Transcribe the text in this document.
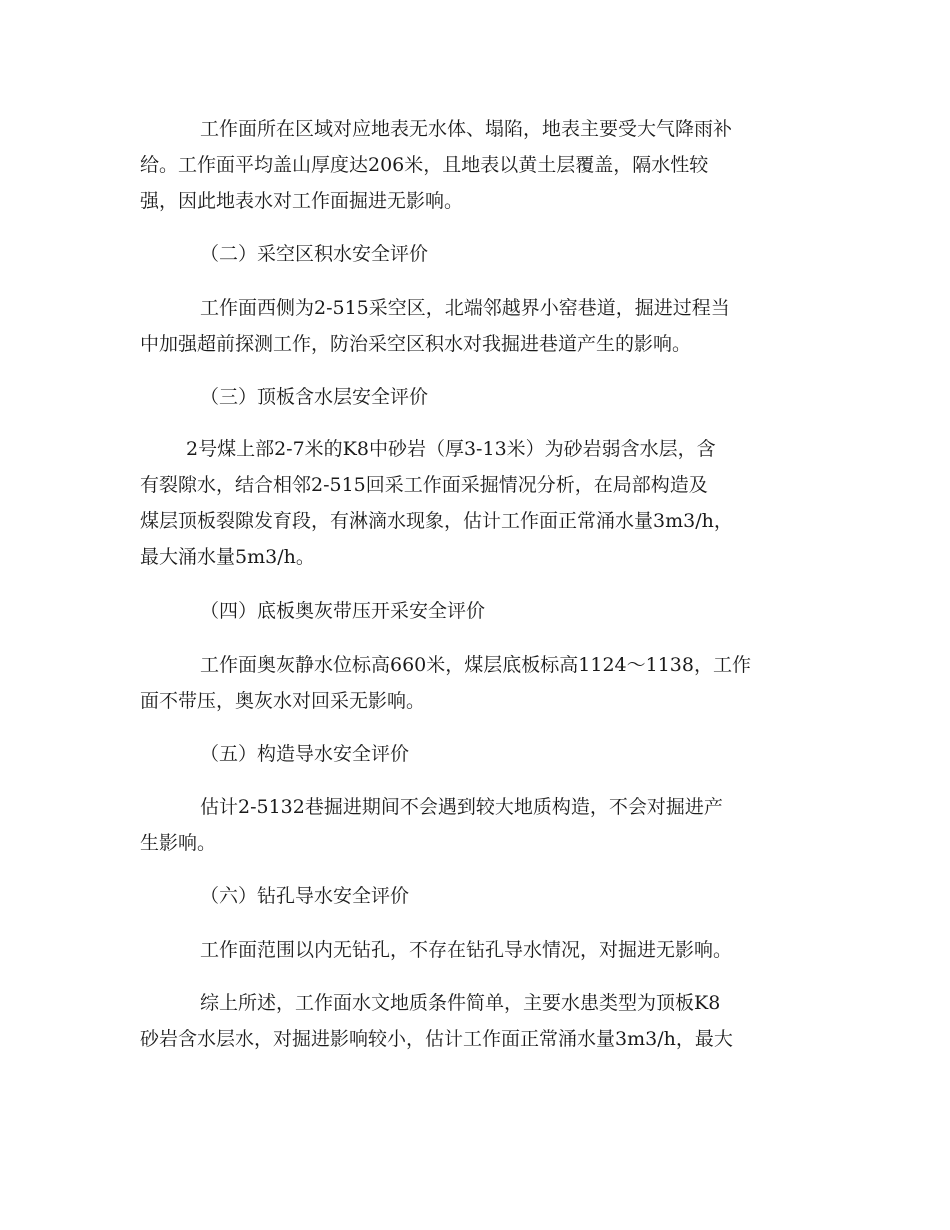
工作面所在区域对应地表无水体、塌陷，地表主要受大气降雨补
给。工作面平均盖山厚度达206米，且地表以黄土层覆盖，隔水性较
强，因此地表水对工作面掘进无影响。
（二）采空区积水安全评价
工作面西侧为2-515采空区，北端邻越界小窑巷道，掘进过程当
中加强超前探测工作，防治采空区积水对我掘进巷道产生的影响。
（三）顶板含水层安全评价
2号煤上部2-7米的K8中砂岩（厚3-13米）为砂岩弱含水层，含
有裂隙水，结合相邻2-515回采工作面采掘情况分析，在局部构造及
煤层顶板裂隙发育段，有淋滴水现象，估计工作面正常涌水量3m3/h，
最大涌水量5m3/h。
（四）底板奥灰带压开采安全评价
工作面奥灰静水位标高660米，煤层底板标高1124～1138，工作
面不带压，奥灰水对回采无影响。
（五）构造导水安全评价
估计2-5132巷掘进期间不会遇到较大地质构造，不会对掘进产
生影响。
（六）钻孔导水安全评价
工作面范围以内无钻孔，不存在钻孔导水情况，对掘进无影响。
综上所述，工作面水文地质条件简单，主要水患类型为顶板K8
砂岩含水层水，对掘进影响较小，估计工作面正常涌水量3m3/h，最大
